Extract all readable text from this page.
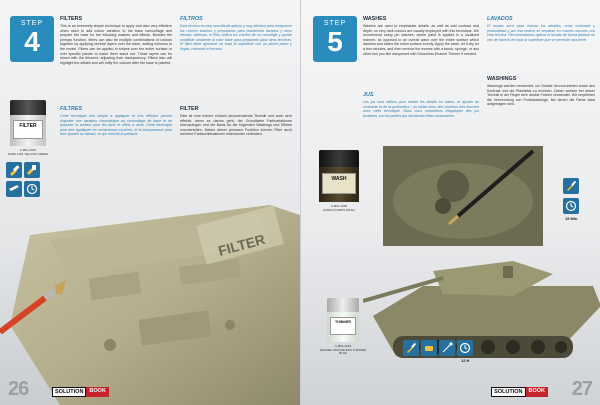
STEP
4
FILTERS

This is an extremely simple technique to apply and also very effective when used to add colour variation to the base camouflage and prepare the base for the following washes and effects. Besides the primary function, filters can also be multiple combinations of colours together by applying several layers over the base, adding richness to the model. Filters can be applied in stripes over the entire surface or over specific panels to make them stand out. These layers can be mixed with the thinners, adjusting their transparency. Filters also will highlight the details and will unify the colours after the base is painted.

FILTROS

Esta tecnica es muy sencilla de aplicar y muy efectiva para enriquecer los colores basicos y prepararlos para posteriores lavados y otros efectos. Ademas, el filtro unifica los colores de un camuflaje y puede modificar ambiente al color base para prepararlo para otras tecnicas. El filtro debe aplicarse en toda la superficie con un pincel plano y limpio, retirando el exceso.

FILTRES

Cette technique tres simple a appliquer et tres efficace permet d'ajouter une variation chromatique au camouflage de base et de preparer la surface pour les lavis et effets a venir. Cette technique peut etre appliquee en nombreuses couches, et la transparence peut etre ajustee au diluant, ce qui enrichit la peinture.

FILTER

Dies ist eine extrem einfach anzuwendende Technik und auch sehr effektiv, wenn es darum geht, der Grundfarbe Farbvariationen hinzuzufugen und die Basis fur die folgenden Washings und Effekte vorzubereiten. Neben dieser primaren Funktion konnen Filter auch mehrere Farbkombinationen miteinander verbinden.

FILTER
A.MIG-1507
DARK FOR YELLOW GREEN
FILTER
26	SOLUTION	BOOK
STEP
5
WASHES

Washes are used to emphasize details, as well as add contrast and depth, so very dark colours are usually employed with this technique. We recommend using pin washes, where paint is applied in a localized manner, as opposed to an overall wash over the entire surface which darkens and stains the entire surface evenly. Apply the wash, let it dry for a few minutes, and then remove the excess with a brush, sponge, or any other tool you like dampened with Odourless Enamel Thinner if needed.

LAVADOS

El lavado sirve para realzar los detalles, crear contraste y profundidad y por ese motivo se emplean en colores oscuros con esta tecnica. Recomendamos aplicar el lavado de forma puntual en vez de hacerlo en toda la superficie que se necesite oscurecer.

JUS

Les jus sont utilises pour mettre les details en valeur, et ajouter du contraste et de la profondeur ; on utilise donc des couleurs tres foncees avec cette technique. Nous vous conseillons d'appliquer des jus localises, sur les parties qui ont besoin d'etre assombries.

WASHINGS

Washings werden verwendet, um Details hervorzuheben sowie den Kontrast und die Plastizitat zu erhohen. Daher werden bei dieser Technik in der Regel sehr dunkle Farben verwendet. Wir empfehlen die Verwendung von Punktwashings, bei denen die Farbe lokal aufgetragen wird.

WASH
A.MIG-1005
AFRIKA KORPS WASH
15 Min
THINNER
A.MIG-2019
ENAMEL ODOURLESS THINNER 35 ML
12 H
SOLUTION	BOOK 27
